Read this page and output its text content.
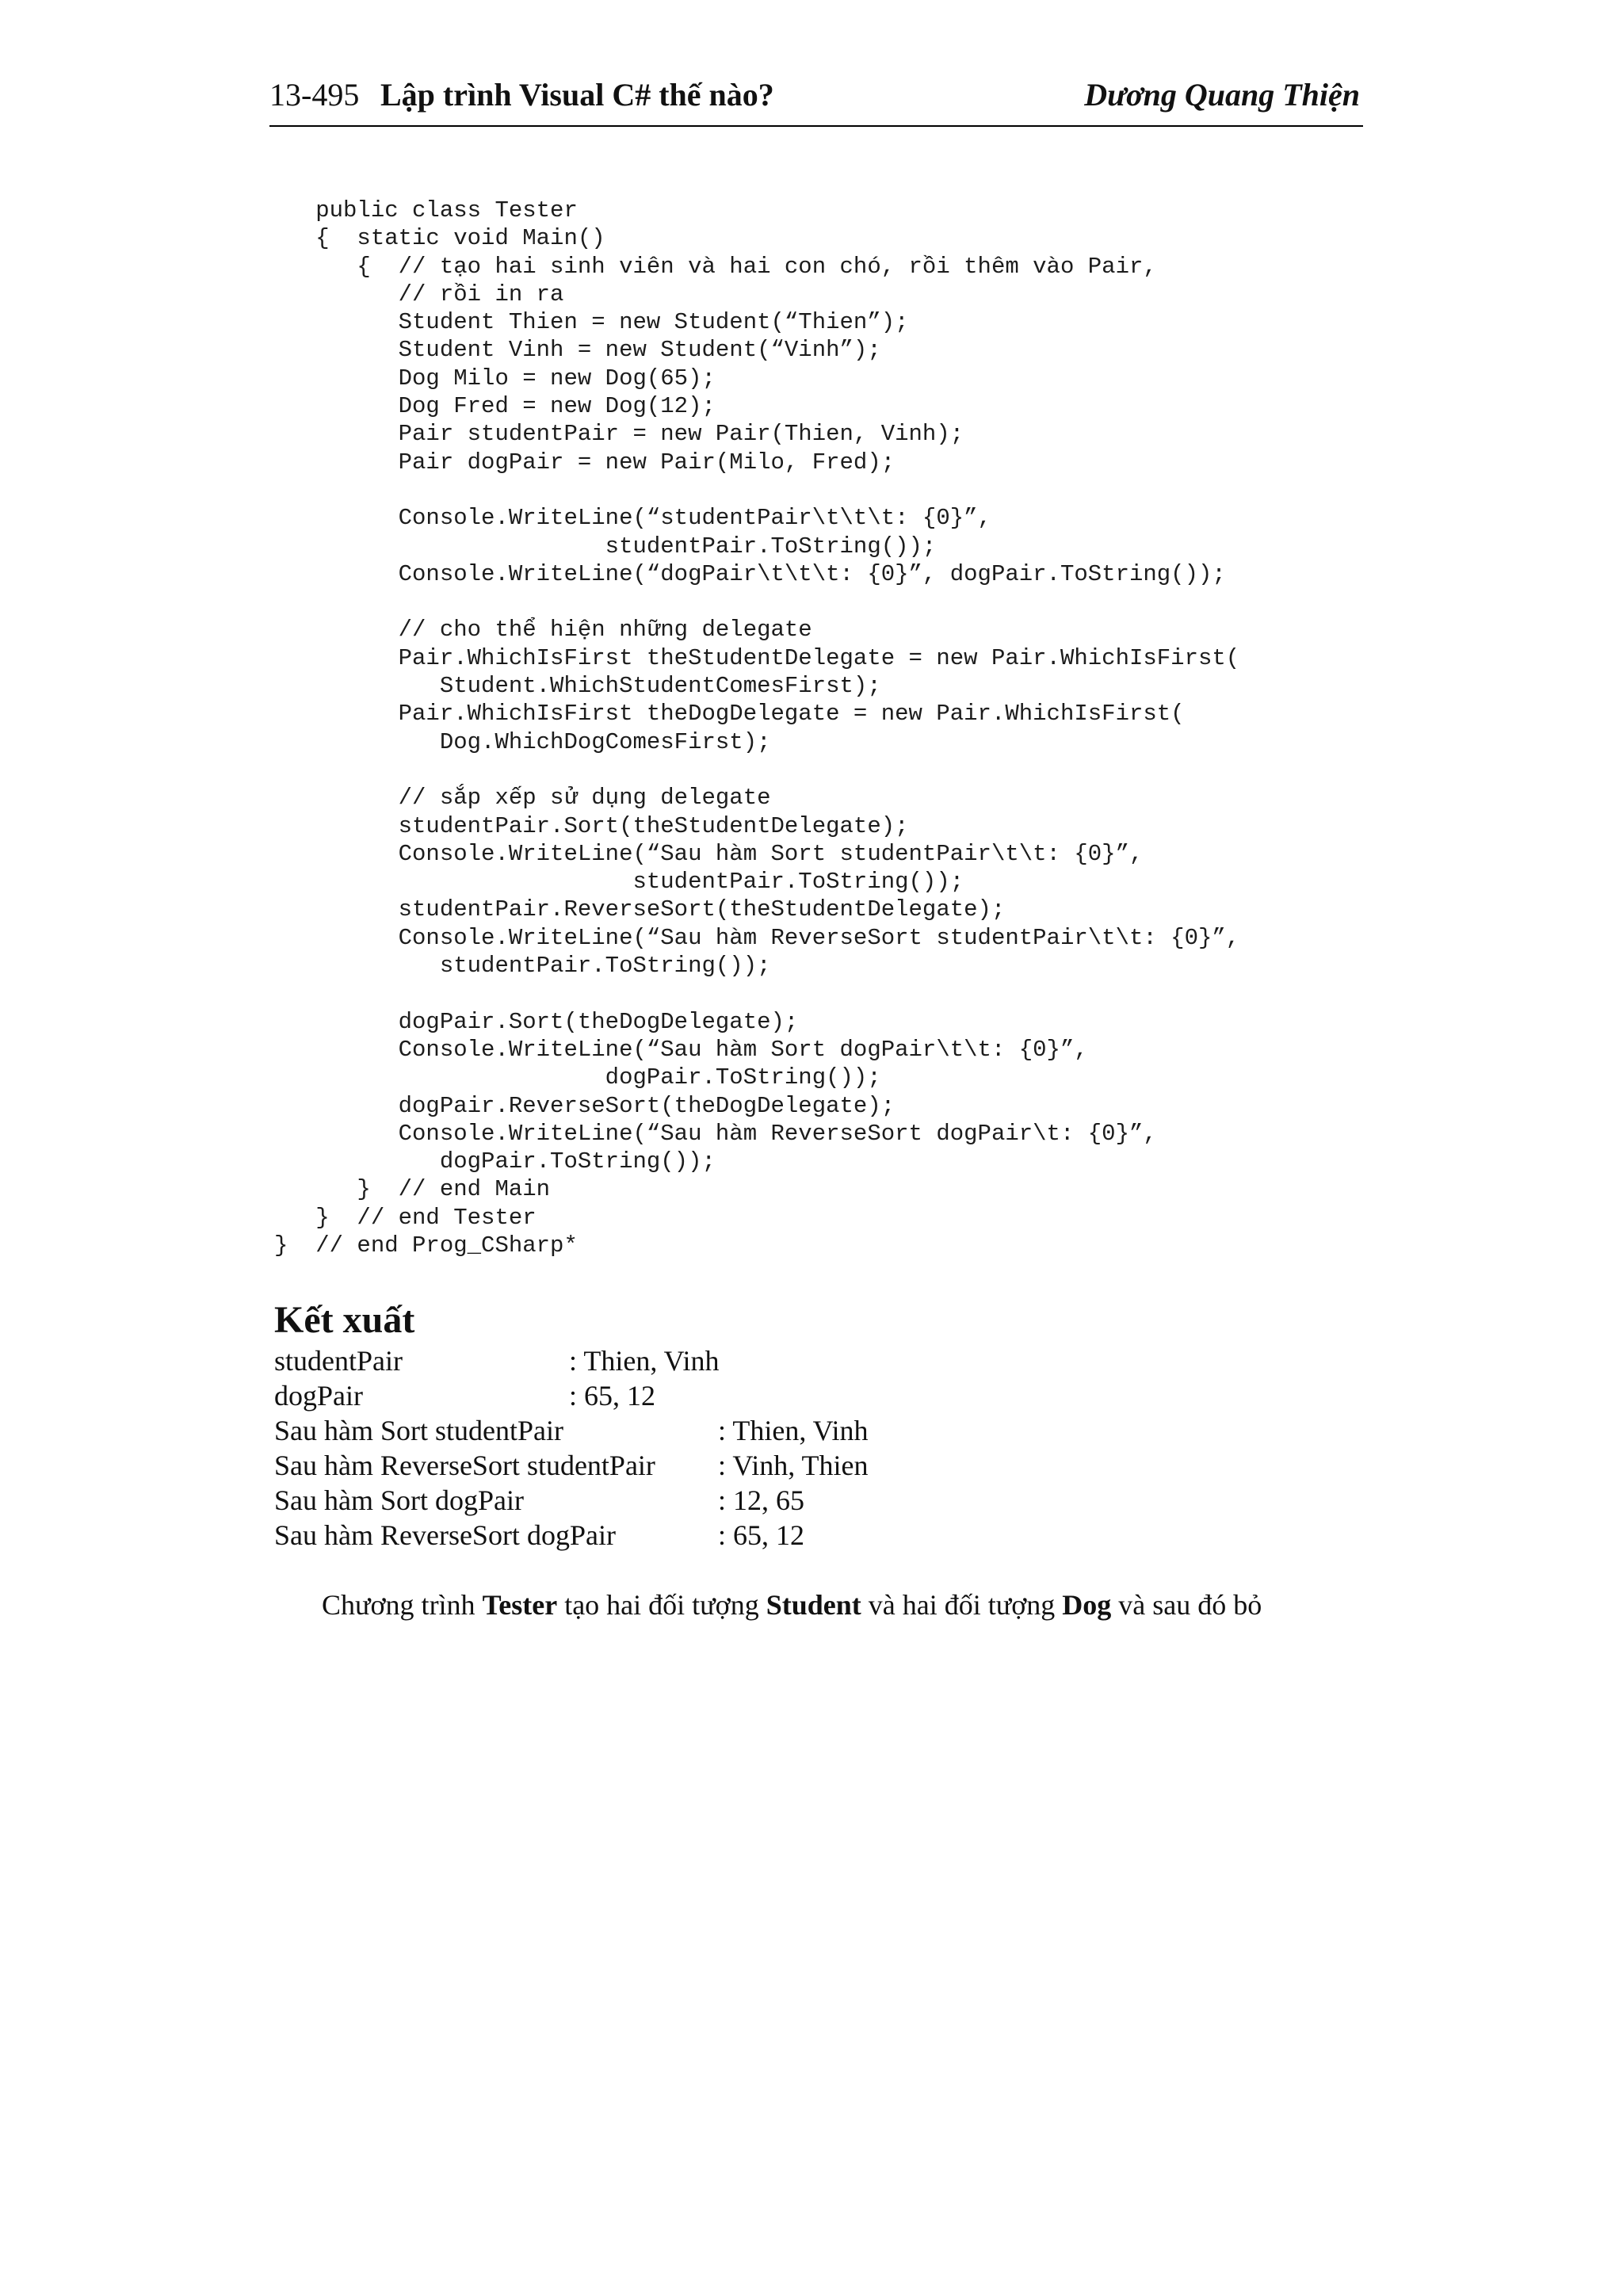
13-495 Lập trình Visual C# thế nào?	Dương Quang Thiện
public class Tester
{  static void Main()
{  // tạo hai sinh viên và hai con chó, rồi thêm vào Pair,
// rồi in ra
Student Thien = new Student(“Thien”);
Student Vinh = new Student(“Vinh”);
Dog Milo = new Dog(65);
Dog Fred = new Dog(12);
Pair studentPair = new Pair(Thien, Vinh);
Pair dogPair = new Pair(Milo, Fred);
Console.WriteLine(“studentPair\t\t\t: {0}”,
studentPair.ToString());
Console.WriteLine(“dogPair\t\t\t: {0}”, dogPair.ToString());
// cho thể hiện những delegate
Pair.WhichIsFirst theStudentDelegate = new Pair.WhichIsFirst(
Student.WhichStudentComesFirst);
Pair.WhichIsFirst theDogDelegate = new Pair.WhichIsFirst(
Dog.WhichDogComesFirst);
// sắp xếp sử dụng delegate
studentPair.Sort(theStudentDelegate);
Console.WriteLine(“Sau hàm Sort studentPair\t\t: {0}”,
studentPair.ToString());
studentPair.ReverseSort(theStudentDelegate);
Console.WriteLine(“Sau hàm ReverseSort studentPair\t\t: {0}”,
studentPair.ToString());
dogPair.Sort(theDogDelegate);
Console.WriteLine(“Sau hàm Sort dogPair\t\t: {0}”,
dogPair.ToString());
dogPair.ReverseSort(theDogDelegate);
Console.WriteLine(“Sau hàm ReverseSort dogPair\t: {0}”,
dogPair.ToString());
}  // end Main
}  // end Tester
}  // end Prog_CSharp*
Kết xuất
studentPair	: Thien, Vinh
dogPair	: 65, 12
Sau hàm Sort studentPair	: Thien, Vinh
Sau hàm ReverseSort studentPair : Vinh, Thien
Sau hàm Sort dogPair	: 12, 65
Sau hàm ReverseSort dogPair	: 65, 12
Chương trình Tester tạo hai đối tượng Student và hai đối tượng Dog và sau đó bỏ
